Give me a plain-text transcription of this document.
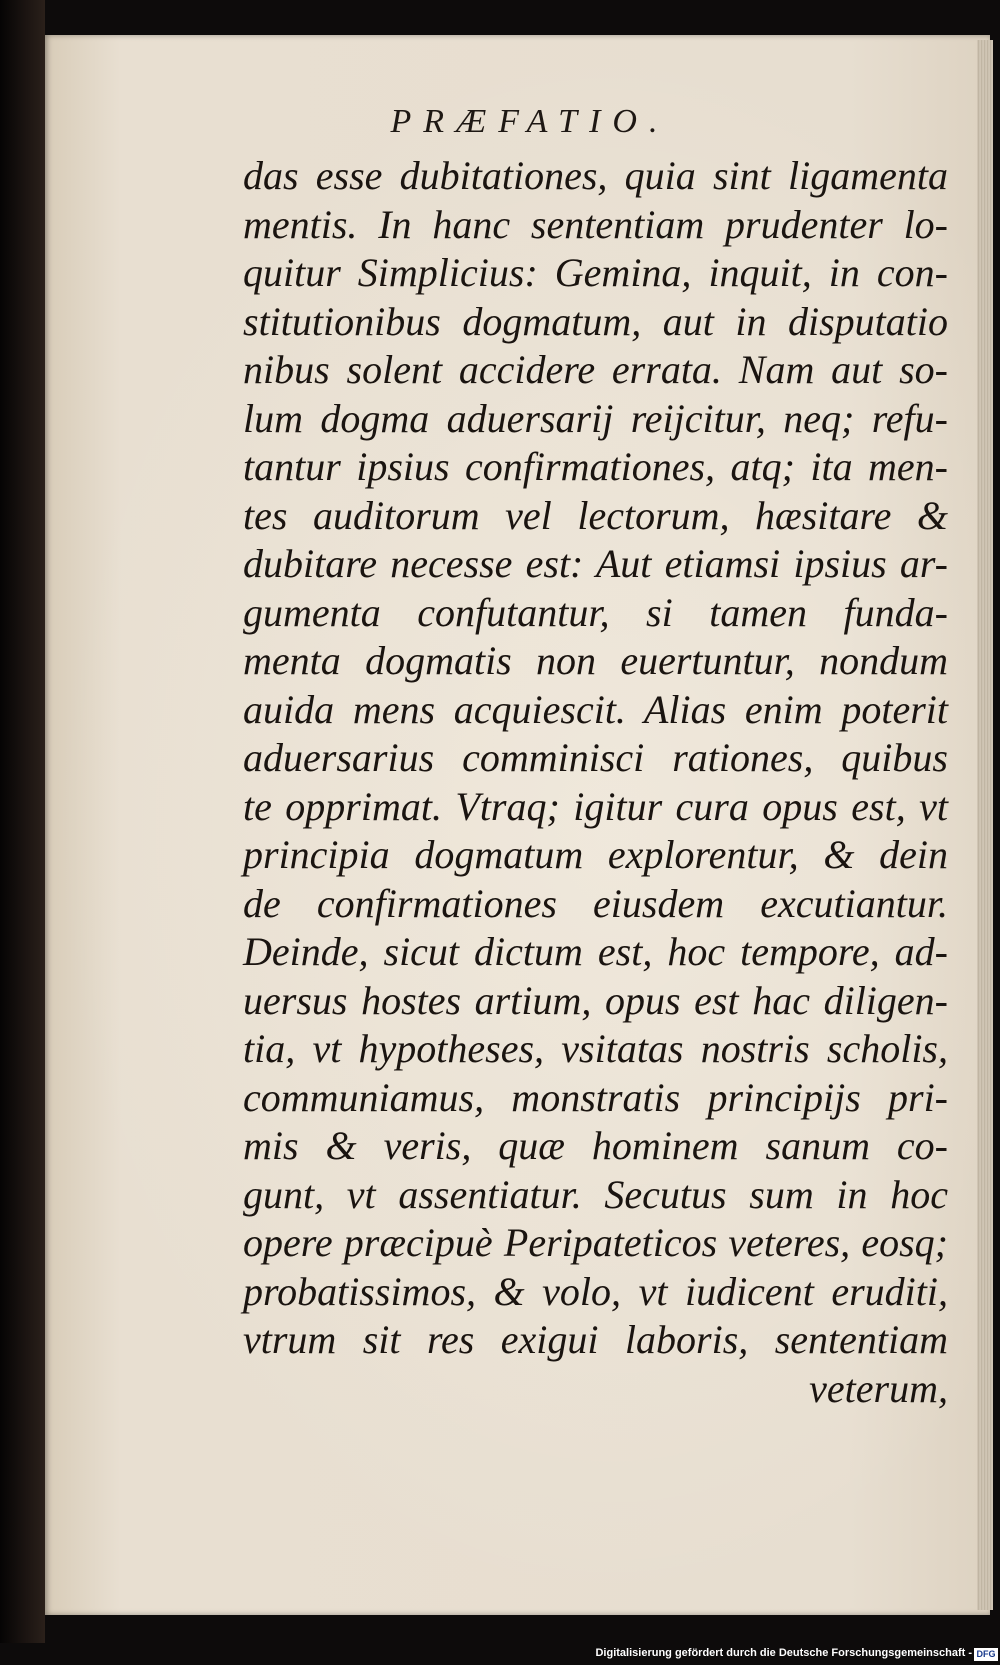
PRÆFATIO.
das esse dubitationes, quia sint ligamenta
mentis. In hanc sententiam prudenter lo-
quitur Simplicius: Gemina, inquit, in con-
stitutionibus dogmatum, aut in disputatio
nibus solent accidere errata. Nam aut so-
lum dogma aduersarij reijcitur, neq; refu-
tantur ipsius confirmationes, atq; ita men-
tes auditorum vel lectorum, hæsitare &
dubitare necesse est: Aut etiamsi ipsius ar-
gumenta confutantur, si tamen funda-
menta dogmatis non euertuntur, nondum
auida mens acquiescit. Alias enim poterit
aduersarius comminisci rationes, quibus
te opprimat. Vtraq; igitur cura opus est, vt
principia dogmatum explorentur, & dein
de confirmationes eiusdem excutiantur.
Deinde, sicut dictum est, hoc tempore, ad-
uersus hostes artium, opus est hac diligen-
tia, vt hypotheses, vsitatas nostris scholis,
communiamus, monstratis principijs pri-
mis & veris, quæ hominem sanum co-
gunt, vt assentiatur. Secutus sum in hoc
opere præcipuè Peripateticos veteres, eosq;
probatissimos, & volo, vt iudicent eruditi,
vtrum sit res exigui laboris, sententiam
veterum,
Digitalisierung gefördert durch die Deutsche Forschungsgemeinschaft - DFG
